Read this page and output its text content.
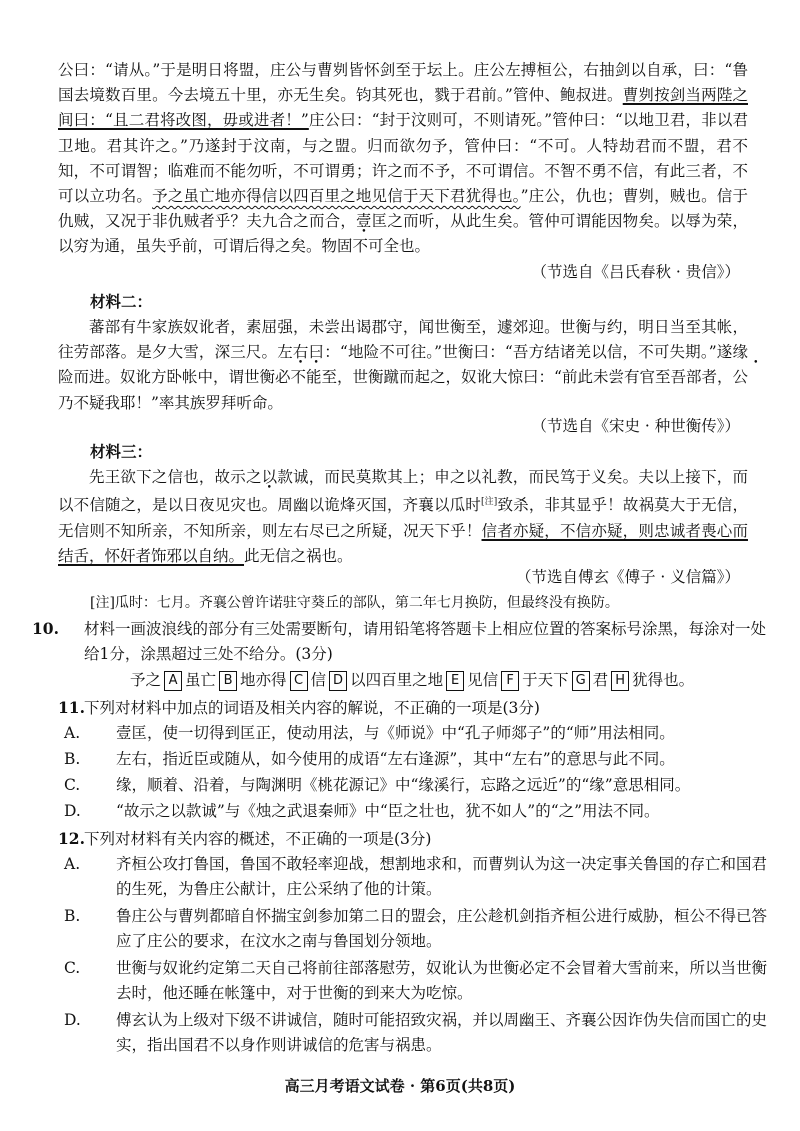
公曰：“请从。”于是明日将盟，庄公与曹刿皆怀剑至于坛上。庄公左搏桓公，右抽剑以自承，曰：“鲁国去境数百里。今去境五十里，亦无生矣。钧其死也，戮于君前。”管仲、鲍叔进。曹刿按剑当两陛之间曰：“且二君将改图，毋或进者！”庄公曰：“封于汶则可，不则请死。”管仲曰：“以地卫君，非以君卫地。君其许之。”乃遂封于汶南，与之盟。归而欲勿予，管仲曰：“不可。人特劫君而不盟，君不知，不可谓智；临难而不能勿听，不可谓勇；许之而不予，不可谓信。不智不勇不信，有此三者，不可以立功名。予之虽亡地亦得信以四百里之地见信于天下君犹得也。”庄公，仇也；曹刿，贼也。信于仇贼，又况于非仇贼者乎？夫九合之而合，壹匡之而听，从此生矣。管仲可谓能因物矣。以辱为荣，以穷为通，虽失乎前，可谓后得之矣。物固不可全也。
（节选自《吕氏春秋 · 贵信》）
材料二：
蕃部有牛家族奴讹者，素屈强，未尝出谒郡守，闻世衡至，遽郊迎。世衡与约，明日当至其帐，往劳部落。是夕大雪，深三尺。左右曰：“地险不可往。”世衡曰：“吾方结诸羌以信，不可失期。”遂缘险而进。奴讹方卧帐中，谓世衡必不能至，世衡蹴而起之，奴讹大惊曰：“前此未尝有官至吾部者，公乃不疑我耶！”率其族罗拜听命。
（节选自《宋史 · 种世衡传》）
材料三：
先王欲下之信也，故示之以款诚，而民莫欺其上；申之以礼教，而民笃于义矣。夫以上接下，而以不信随之，是以日夜见灾也。周幽以诡烽灭国，齐襄以瓜时[注]致杀，非其显乎！故祸莫大于无信，无信则不知所亲，不知所亲，则左右尽已之所疑，况天下乎！信者亦疑，不信亦疑，则忠诚者喪心而结舌，怀奸者饰邪以自纳。此无信之祸也。
（节选自傅玄《傅子 · 义信篇》）
[注]瓜时：七月。齐襄公曾许诺驻守葵丘的部队，第二年七月换防，但最终没有换防。
10. 材料一画波浪线的部分有三处需要断句，请用铅笔将答题卡上相应位置的答案标号涂黑，每涂对一处给1分，涂黑超过三处不给分。(3分)
予之 A 虽亡 B 地亦得 C 信 D 以四百里之地 E 见信 F 于天下 G 君 H 犹得也。
11.下列对材料中加点的词语及相关内容的解说，不正确的一项是(3分)
A. 壹匡，使一切得到匡正，使动用法，与《师说》中“孔子师郯子”的“师”用法相同。
B. 左右，指近臣或随从，如今使用的成语“左右逢源”，其中“左右”的意思与此不同。
C. 缘，顺着、沿着，与陶渊明《桃花源记》中“缘溪行，忘路之远近”的“缘”意思相同。
D. “故示之以款诚”与《烛之武退秦师》中“臣之壮也，犹不如人”的“之”用法不同。
12.下列对材料有关内容的概述，不正确的一项是(3分)
A. 齐桓公攻打鲁国，鲁国不敢轻率迎战，想割地求和，而曹刿认为这一决定事关鲁国的存亡和国君的生死，为鲁庄公献计，庄公采纳了他的计策。
B. 鲁庄公与曹刿都暗自怀揣宝剑参加第二日的盟会，庄公趁机剑指齐桓公进行威胁，桓公不得已答应了庄公的要求，在汶水之南与鲁国划分领地。
C. 世衡与奴讹约定第二天自己将前往部落慰劳，奴讹认为世衡必定不会冒着大雪前来，所以当世衡去时，他还睡在帐篷中，对于世衡的到来大为吃惊。
D. 傅玄认为上级对下级不讲诚信，随时可能招致灾祸，并以周幽王、齐襄公因诈伪失信而国亡的史实，指出国君不以身作则讲诚信的危害与祸患。
高三月考语文试卷 · 第6页(共8页)
